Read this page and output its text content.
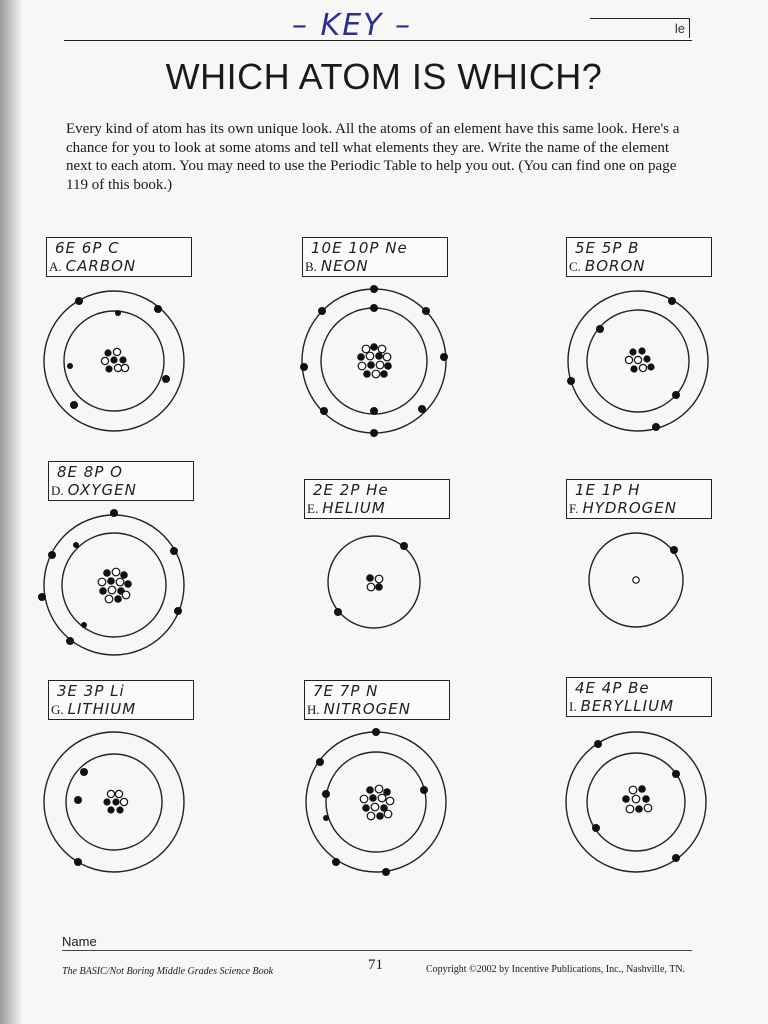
– KEY –	le
WHICH ATOM IS WHICH?

Every kind of atom has its own unique look. All the atoms of an element have this same look. Here's a chance for you to look at some atoms and tell what elements they are. Write the name of the element next to each atom. You may need to use the Periodic Table to help you out. (You can find one on page 119 of this book.)

6E 6P C
A. CARBON
10E 10P Ne
B. NEON
5E 5P B
C. BORON
8E 8P O
D. OXYGEN	2E 2P He
E. HELIUM
1E 1P H
F. HYDROGEN
3E 3P Li
G. LITHIUM
7E 7P N
H. NITROGEN
4E 4P Be
I. BERYLLIUM
Name
The BASIC/Not Boring Middle Grades Science Book	71	Copyright ©2002 by Incentive Publications, Inc., Nashville, TN.
